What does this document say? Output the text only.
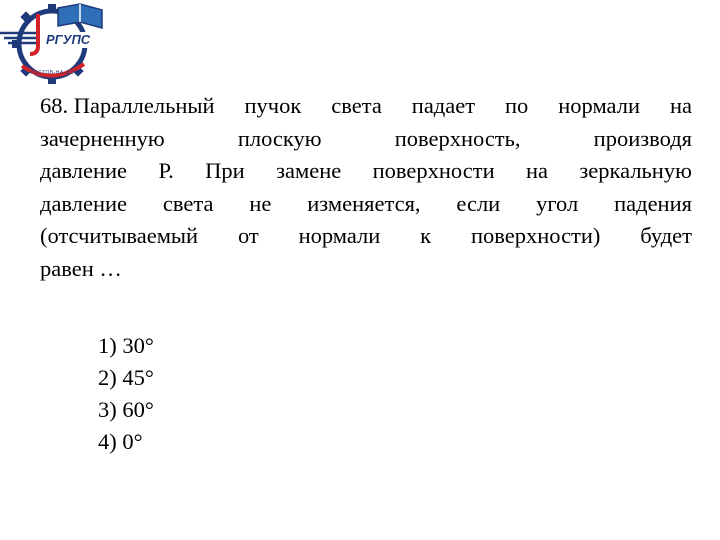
РГУПС
РОСТОВ-НА-ДОНУ
68. Параллельный пучок света падает по нормали на
зачерненную	плоскую	поверхность,	производя
давление Р. При замене поверхности на зеркальную
давление света не изменяется, если угол падения
(отсчитываемый от нормали к поверхности) будет
равен …
1) 30°
2) 45°
3) 60°
4) 0°
